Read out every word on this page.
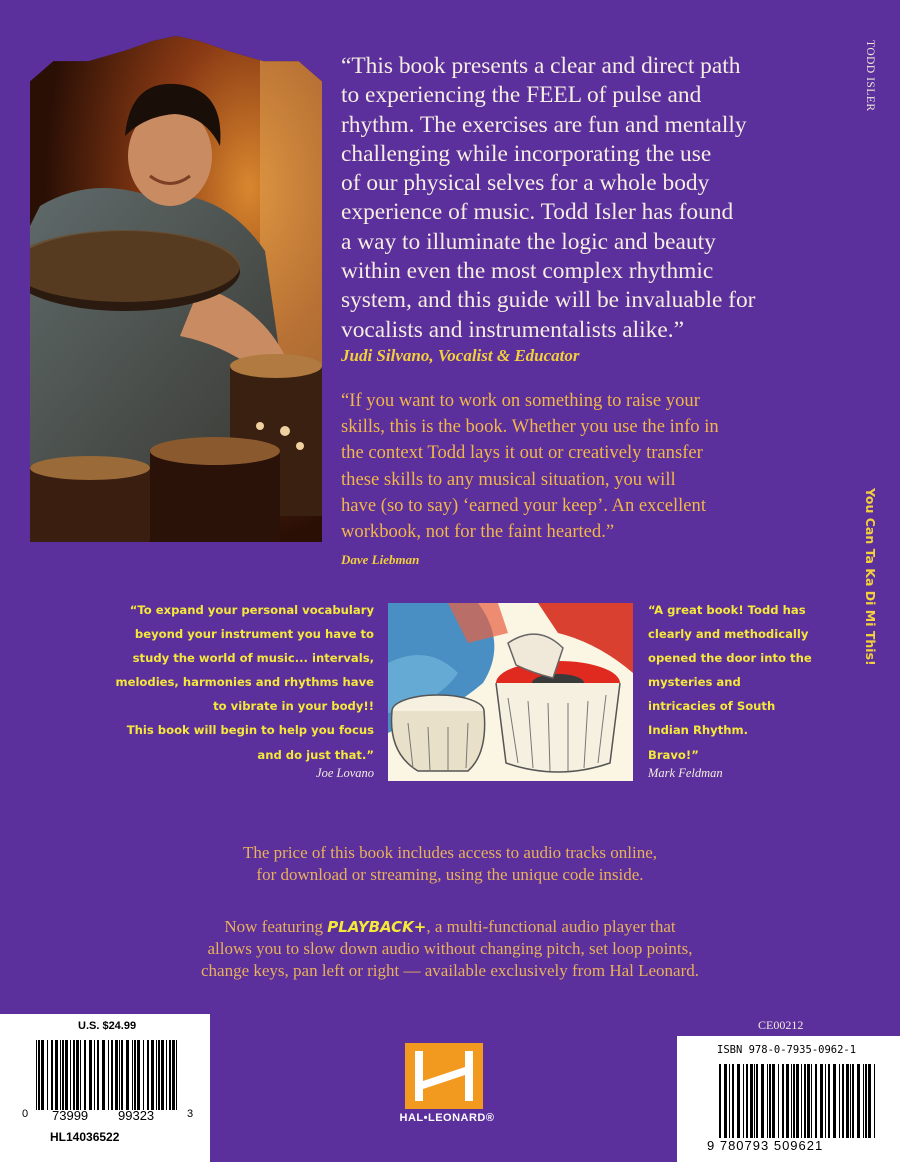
“This book presents a clear and direct path
to experiencing the FEEL of pulse and
rhythm. The exercises are fun and mentally
challenging while incorporating the use
of our physical selves for a whole body
experience of music. Todd Isler has found
a way to illuminate the logic and beauty
within even the most complex rhythmic
system, and this guide will be invaluable for
vocalists and instrumentalists alike.”
Judi Silvano, Vocalist & Educator
“If you want to work on something to raise your
skills, this is the book. Whether you use the info in
the context Todd lays it out or creatively transfer
these skills to any musical situation, you will
have (so to say) ‘earned your keep’. An excellent
workbook, not for the faint hearted.”
Dave Liebman
“To expand your personal vocabulary
beyond your instrument you have to
study the world of music... intervals,
melodies, harmonies and rhythms have
to vibrate in your body!!
This book will begin to help you focus
and do just that.”
Joe Lovano
“A great book! Todd has
clearly and methodically
opened the door into the
mysteries and
intricacies of South
Indian Rhythm.
Bravo!”
Mark Feldman
TODD ISLER
You Can Ta Ka Di Mi This!
The price of this book includes access to audio tracks online,
for download or streaming, using the unique code inside.
Now featuring PLAYBACK+, a multi-functional audio player that
allows you to slow down audio without changing pitch, set loop points,
change keys, pan left or right — available exclusively from Hal Leonard.
CE00212
U.S. $24.99
0 73999 99323	3
HL14036522
HAL•LEONARD®
ISBN 978-0-7935-0962-1
9 780793 509621
